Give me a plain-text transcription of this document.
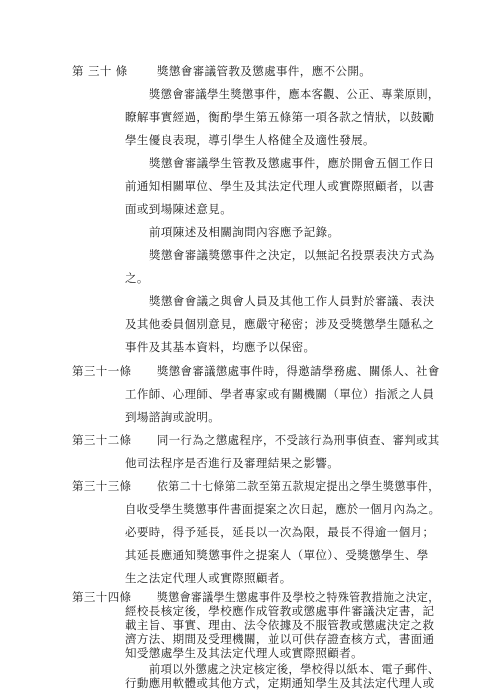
第 三十 條	獎懲會審議管教及懲處事件，應不公開。
獎懲會審議學生獎懲事件，應本客觀、公正、專業原則，
瞭解事實經過，衡酌學生第五條第一項各款之情狀，以鼓勵
學生優良表現，導引學生人格健全及適性發展。
獎懲會審議學生管教及懲處事件，應於開會五個工作日
前通知相關單位、學生及其法定代理人或實際照顧者，以書
面或到場陳述意見。
前項陳述及相關詢問內容應予記錄。
獎懲會審議獎懲事件之決定，以無記名投票表決方式為
之。
獎懲會會議之與會人員及其他工作人員對於審議、表決
及其他委員個別意見，應嚴守秘密；涉及受獎懲學生隱私之
事件及其基本資料，均應予以保密。
第三十一條 獎懲會審議懲處事件時，得邀請學務處、關係人、社會
工作師、心理師、學者專家或有關機關（單位）指派之人員
到場諮詢或說明。
第三十二條 同一行為之懲處程序，不受該行為刑事偵查、審判或其
他司法程序是否進行及審理結果之影響。
第三十三條 依第二十七條第二款至第五款規定提出之學生獎懲事件，
自收受學生獎懲事件書面提案之次日起，應於一個月內為之。
必要時，得予延長，延長以一次為限，最長不得逾一個月；
其延長應通知獎懲事件之提案人（單位）、受獎懲學生、學
生之法定代理人或實際照顧者。
第三十四條 獎懲會審議學生懲處事件及學校之特殊管教措施之決定，
經校長核定後，學校應作成管教或懲處事件審議決定書，記
載主旨、事實、理由、法令依據及不服管教或懲處決定之救
濟方法、期間及受理機關，並以可供存證查核方式，書面通
知受懲處學生及其法定代理人或實際照顧者。
前項以外懲處之決定核定後，學校得以紙本、電子郵件、
行動應用軟體或其他方式，定期通知學生及其法定代理人或
